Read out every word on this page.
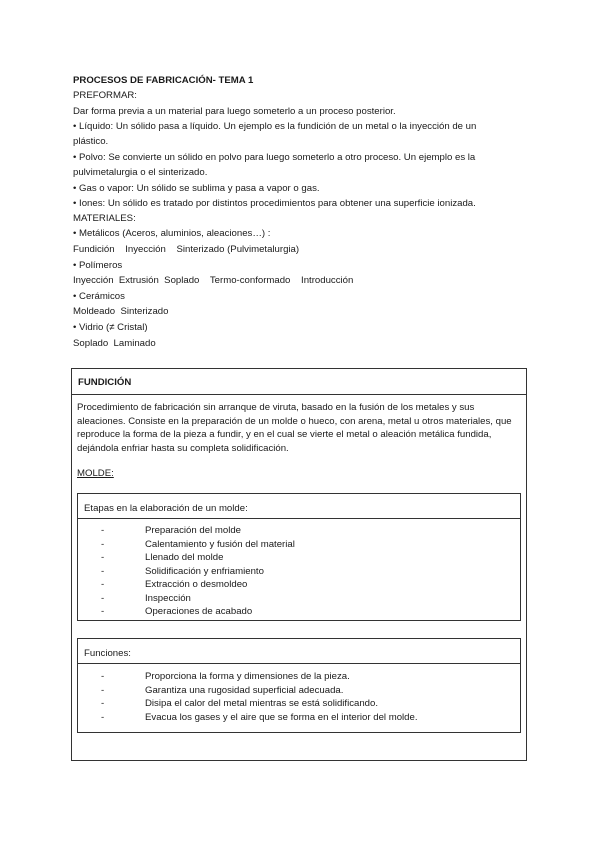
PROCESOS DE FABRICACIÓN- TEMA 1
PREFORMAR:
Dar forma previa a un material para luego someterlo a un proceso posterior.
• Líquido: Un sólido pasa a líquido. Un ejemplo es la fundición de un metal o la inyección de un
plástico.
• Polvo: Se convierte un sólido en polvo para luego someterlo a otro proceso. Un ejemplo es la
pulvimetalurgia o el sinterizado.
• Gas o vapor: Un sólido se sublima y pasa a vapor o gas.
• Iones: Un sólido es tratado por distintos procedimientos para obtener una superficie ionizada.
MATERIALES:
• Metálicos (Aceros, aluminios, aleaciones…) :
Fundición    Inyección    Sinterizado (Pulvimetalurgia)
• Polímeros
Inyección  Extrusión  Soplado    Termo-conformado    Introducción
• Cerámicos
Moldeado  Sinterizado
• Vidrio (≠ Cristal)
Soplado  Laminado
FUNDICIÓN
Procedimiento de fabricación sin arranque de viruta, basado en la fusión de los metales y sus aleaciones. Consiste en la preparación de un molde o hueco, con arena, metal u otros materiales, que reproduce la forma de la pieza a fundir, y en el cual se vierte el metal o aleación metálica fundida, dejándola enfriar hasta su completa solidificación.
MOLDE:
Etapas en la elaboración de un molde:
-	Preparación del molde
-	Calentamiento y fusión del material
-	Llenado del molde
-	Solidificación y enfriamiento
-	Extracción o desmoldeo
-	Inspección
-	Operaciones de acabado
Funciones:
-	Proporciona la forma y dimensiones de la pieza.
-	Garantiza una rugosidad superficial adecuada.
-	Disipa el calor del metal mientras se está solidificando.
-	Evacua los gases y el aire que se forma en el interior del molde.
